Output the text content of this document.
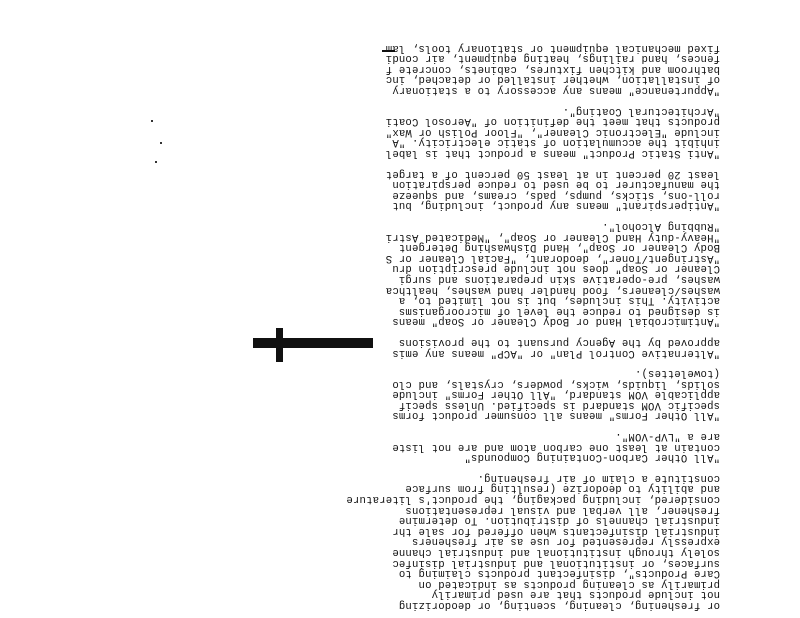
or freshening, cleaning, scenting, or deodorizing
not include products that are used primarily
primarily as cleaning products as indicated on
Care Products", disinfectant products claiming to
surfaces, or institutional and industrial disinfec
solely through institutional and industrial channe
expressly represented for use as air fresheners
industrial disinfectants when offered for sale thr
industrial channels of distribution. To determine
freshener, all verbal and visual representations
considered, including packaging, the product's literature
and ability to deodorize (resulting from surface
constitute a claim of air freshening.
"All Other Carbon-Containing Compounds"
contain at least one carbon atom and are not liste
are a "LVP-VOM".
"All Other Forms" means all consumer product forms
specific VOM standard is specified. Unless specif
applicable VOM standard, "All Other Forms" include
solids, liquids, wicks, powders, crystals, and clo
(towelettes).
"Alternative Control Plan" or "ACP" means any emis
approved by the Agency pursuant to the provisions
"Antimicrobial Hand or Body Cleaner or Soap" means
is designed to reduce the level of microorganisms
activity. This includes, but is not limited to, a
washes/cleaners, food handler hand washes, healthca
washes, pre-operative skin preparations and surgi
Cleaner or Soap" does not include prescription dru
"Astringent/Toner", deodorant, "Facial Cleaner or S
Body Cleaner or Soap", Hand Dishwashing Detergent
"Heavy-duty Hand Cleaner or Soap", "Medicated Astri
"Rubbing Alcohol".
"Antiperspirant" means any product, including, but
roll-ons, sticks, pumps, pads, creams, and squeeze
the manufacturer to be used to reduce perspiration
least 20 percent in at least 50 percent of a target
"Anti Static Product" means a product that is label
inhibit the accumulation of static electricity. "A
include "Electronic Cleaner", "Floor Polish or Wax"
products that meet the definition of "Aerosol Coati
"Architectural Coating".
"Appurtenance" means any accessory to a stationary
of installation, whether installed or detached, inc
bathroom and kitchen fixtures, cabinets, concrete f
fences, hand railings, heating equipment, air condi
fixed mechanical equipment or stationary tools, lam
